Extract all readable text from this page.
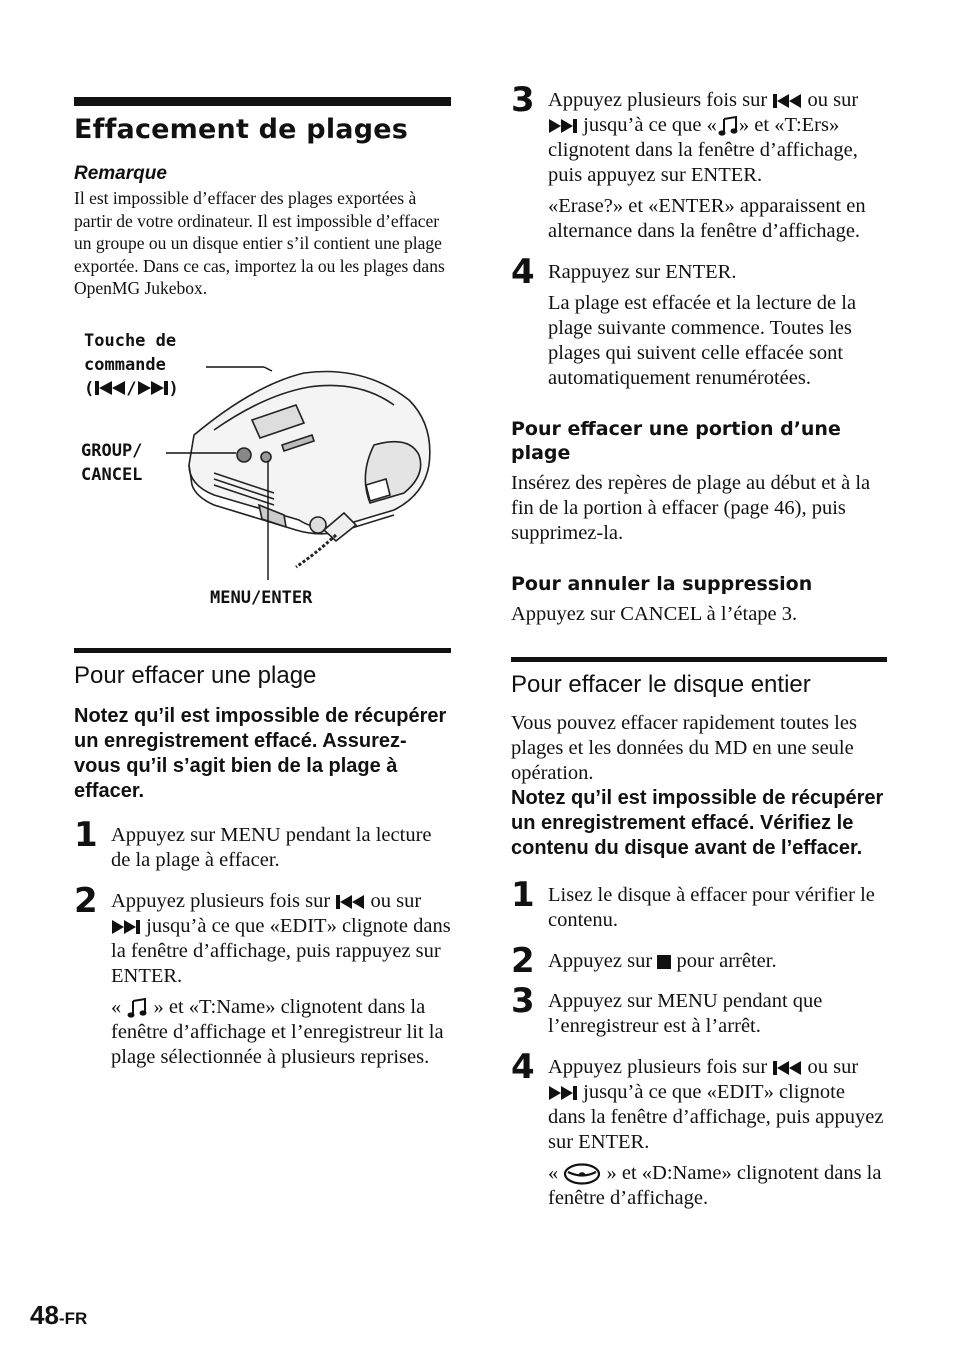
Effacement de plages
Remarque
Il est impossible d’effacer des plages exportées à partir de votre ordinateur. Il est impossible d’effacer un groupe ou un disque entier s’il contient une plage exportée. Dans ce cas, importez la ou les plages dans OpenMG Jukebox.
Touche de
commande
( / )
GROUP/
CANCEL
MENU/ENTER
Pour effacer une plage
Notez qu’il est impossible de récupérer un enregistrement effacé. Assurez-vous qu’il s’agit bien de la plage à effacer.
1 Appuyez sur MENU pendant la lecture de la plage à effacer.

2 Appuyez plusieurs fois sur ou sur  jusqu’à ce que «EDIT» clignote dans la fenêtre d’affichage, puis rappuyez sur ENTER.

« » et «T:Name» clignotent dans la fenêtre d’affichage et l’enregistreur lit la plage sélectionnée à plusieurs reprises.

3 Appuyez plusieurs fois sur ou sur  jusqu’à ce que « » et «T:Ers» clignotent dans la fenêtre d’affichage, puis appuyez sur ENTER.

«Erase?» et «ENTER» apparaissent en alternance dans la fenêtre d’affichage.

4 Rappuyez sur ENTER.

La plage est effacée et la lecture de la plage suivante commence. Toutes les plages qui suivent celle effacée sont automatiquement renumérotées.

Pour effacer une portion d’une plage
Insérez des repères de plage au début et à la fin de la portion à effacer (page 46), puis supprimez-la.
Pour annuler la suppression
Appuyez sur CANCEL à l’étape 3.
Pour effacer le disque entier
Vous pouvez effacer rapidement toutes les plages et les données du MD en une seule opération.
Notez qu’il est impossible de récupérer un enregistrement effacé. Vérifiez le contenu du disque avant de l’effacer.
1 Lisez le disque à effacer pour vérifier le contenu.

2 Appuyez sur pour arrêter.

3 Appuyez sur MENU pendant que l’enregistreur est à l’arrêt.

4 Appuyez plusieurs fois sur ou sur  jusqu’à ce que «EDIT» clignote dans la fenêtre d’affichage, puis appuyez sur ENTER.

« » et «D:Name» clignotent dans la fenêtre d’affichage.

48-FR
